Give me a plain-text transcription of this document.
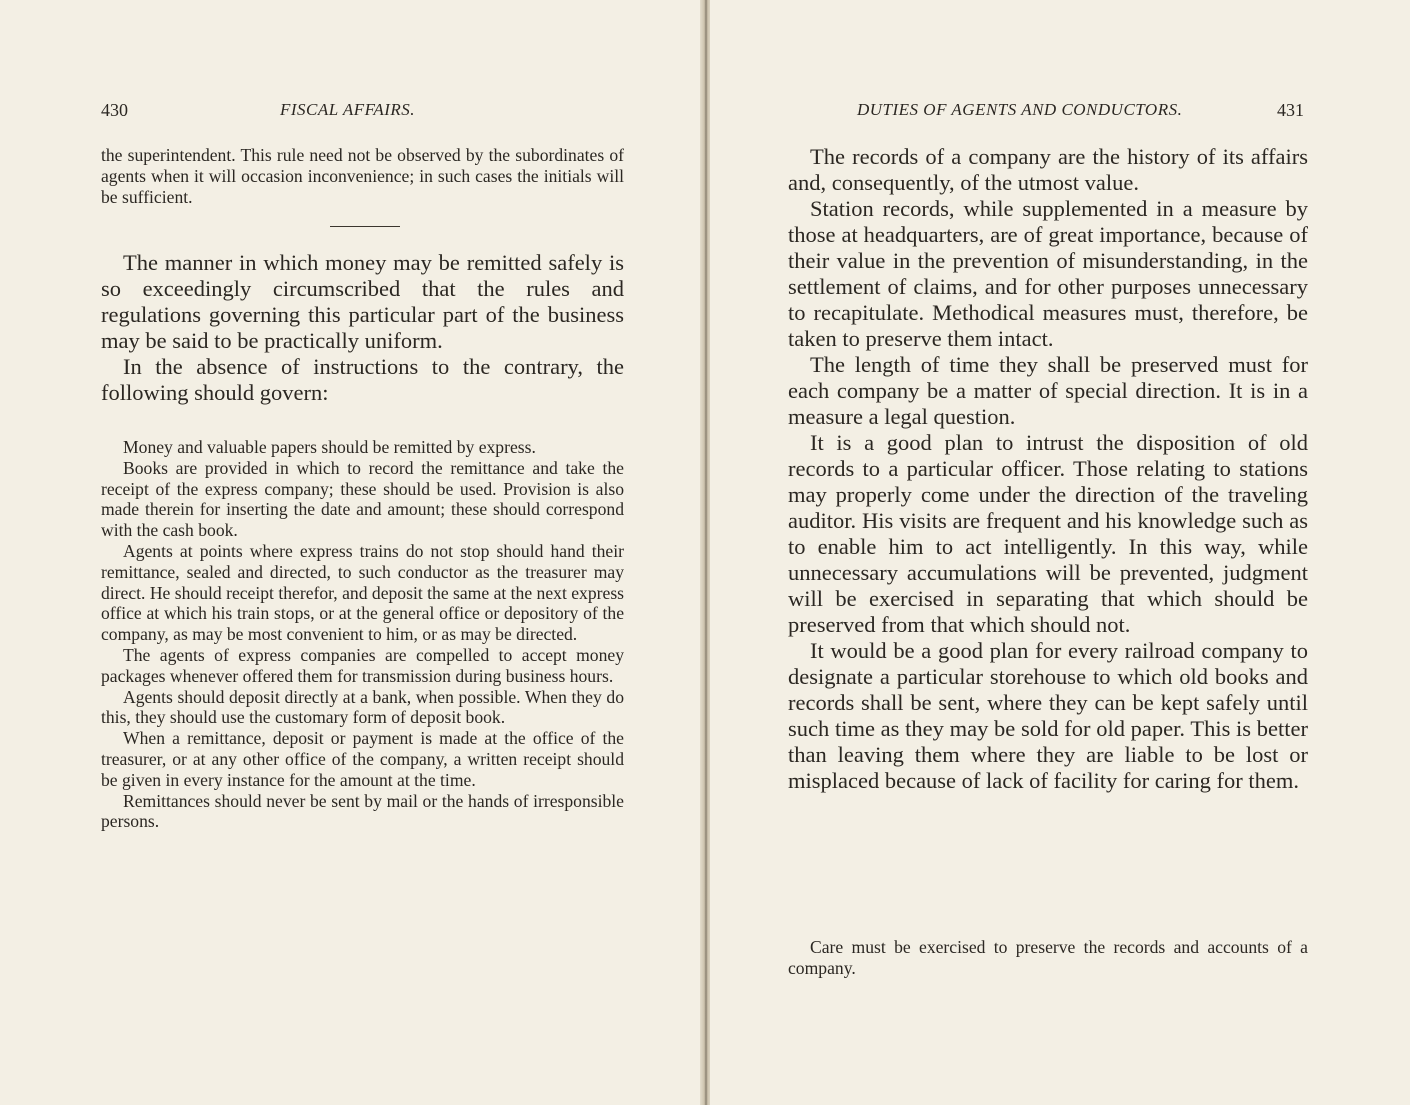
430	FISCAL AFFAIRS.

the superintendent. This rule need not be observed by the subordinates of agents when it will occasion inconvenience; in such cases the initials will be sufficient.

The manner in which money may be remitted safely is so exceedingly circumscribed that the rules and regulations governing this particular part of the business may be said to be practically uniform.

In the absence of instructions to the contrary, the following should govern:

Money and valuable papers should be remitted by express.

Books are provided in which to record the remittance and take the receipt of the express company; these should be used. Provision is also made therein for inserting the date and amount; these should correspond with the cash book.

Agents at points where express trains do not stop should hand their remittance, sealed and directed, to such conductor as the treasurer may direct. He should receipt therefor, and deposit the same at the next express office at which his train stops, or at the general office or depository of the company, as may be most convenient to him, or as may be directed.

The agents of express companies are compelled to accept money packages whenever offered them for transmission during business hours.

Agents should deposit directly at a bank, when possible. When they do this, they should use the customary form of deposit book.

When a remittance, deposit or payment is made at the office of the treasurer, or at any other office of the company, a written receipt should be given in every instance for the amount at the time.

Remittances should never be sent by mail or the hands of irresponsible persons.

DUTIES OF AGENTS AND CONDUCTORS.	431

The records of a company are the history of its affairs and, consequently, of the utmost value.

Station records, while supplemented in a measure by those at headquarters, are of great importance, because of their value in the prevention of misunderstanding, in the settlement of claims, and for other purposes unnecessary to recapitulate. Methodical measures must, therefore, be taken to preserve them intact.

The length of time they shall be preserved must for each company be a matter of special direction. It is in a measure a legal question.

It is a good plan to intrust the disposition of old records to a particular officer. Those relating to stations may properly come under the direction of the traveling auditor. His visits are frequent and his knowledge such as to enable him to act intelligently. In this way, while unnecessary accumulations will be prevented, judgment will be exercised in separating that which should be preserved from that which should not.

It would be a good plan for every railroad company to designate a particular storehouse to which old books and records shall be sent, where they can be kept safely until such time as they may be sold for old paper. This is better than leaving them where they are liable to be lost or misplaced because of lack of facility for caring for them.

Care must be exercised to preserve the records and accounts of a company.
